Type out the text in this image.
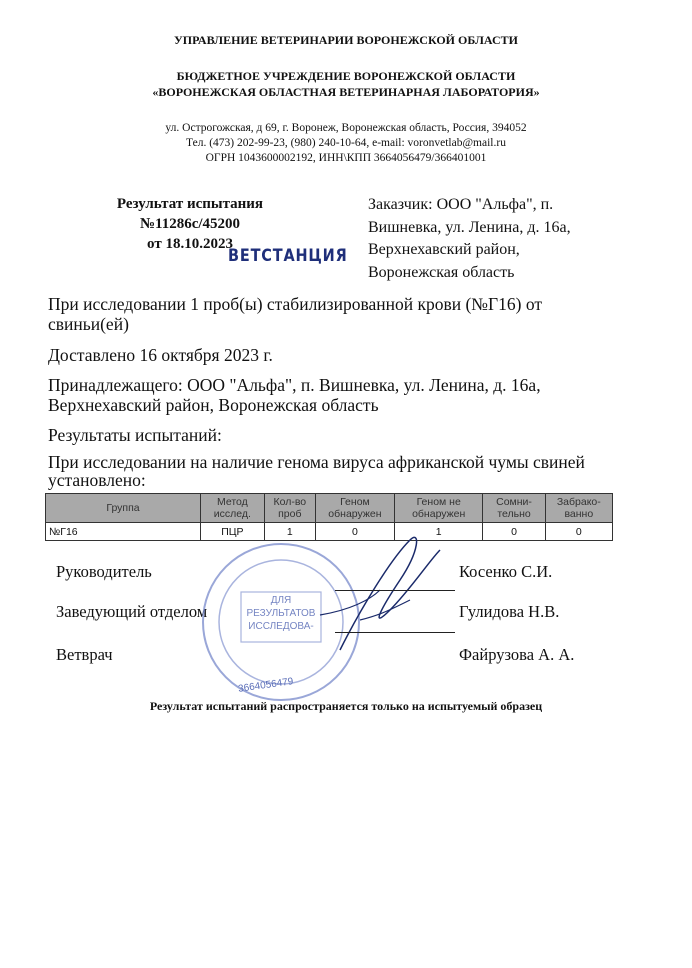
УПРАВЛЕНИЕ ВЕТЕРИНАРИИ ВОРОНЕЖСКОЙ ОБЛАСТИ
БЮДЖЕТНОЕ УЧРЕЖДЕНИЕ ВОРОНЕЖСКОЙ ОБЛАСТИ
«ВОРОНЕЖСКАЯ ОБЛАСТНАЯ ВЕТЕРИНАРНАЯ ЛАБОРАТОРИЯ»
ул. Острогожская, д 69, г. Воронеж, Воронежская область, Россия, 394052
Тел. (473) 202-99-23, (980) 240-10-64, e-mail: voronvetlab@mail.ru
ОГРН 1043600002192, ИНН\КПП 3664056479/366401001
Результат испытания
№11286с/45200
от 18.10.2023
ВЕТСТАНЦИЯ
Заказчик: ООО "Альфа", п.
Вишневка, ул. Ленина, д. 16а,
Верхнехавский район,
Воронежская область
При исследовании 1 проб(ы) стабилизированной крови (№Г16) от свиньи(ей)
Доставлено 16 октября 2023 г.
Принадлежащего: ООО "Альфа", п. Вишневка, ул. Ленина, д. 16а, Верхнехавский район, Воронежская область
Результаты испытаний:
При исследовании на наличие генома вируса африканской чумы свиней установлено:
Группа	Метод исслед.	Кол-во проб	Геном обнаружен	Геном не обнаружен	Сомни-тельно	Забрако-ванно
№Г16	ПЦР	1	0	1	0	0
Руководитель	Косенко С.И.
Заведующий отделом	Гулидова Н.В.
Ветврач	Файрузова А. А.
ДЛЯ
РЕЗУЛЬТАТОВ
ИССЛЕДОВА-
3664056479
Результат испытаний распространяется только на испытуемый образец
